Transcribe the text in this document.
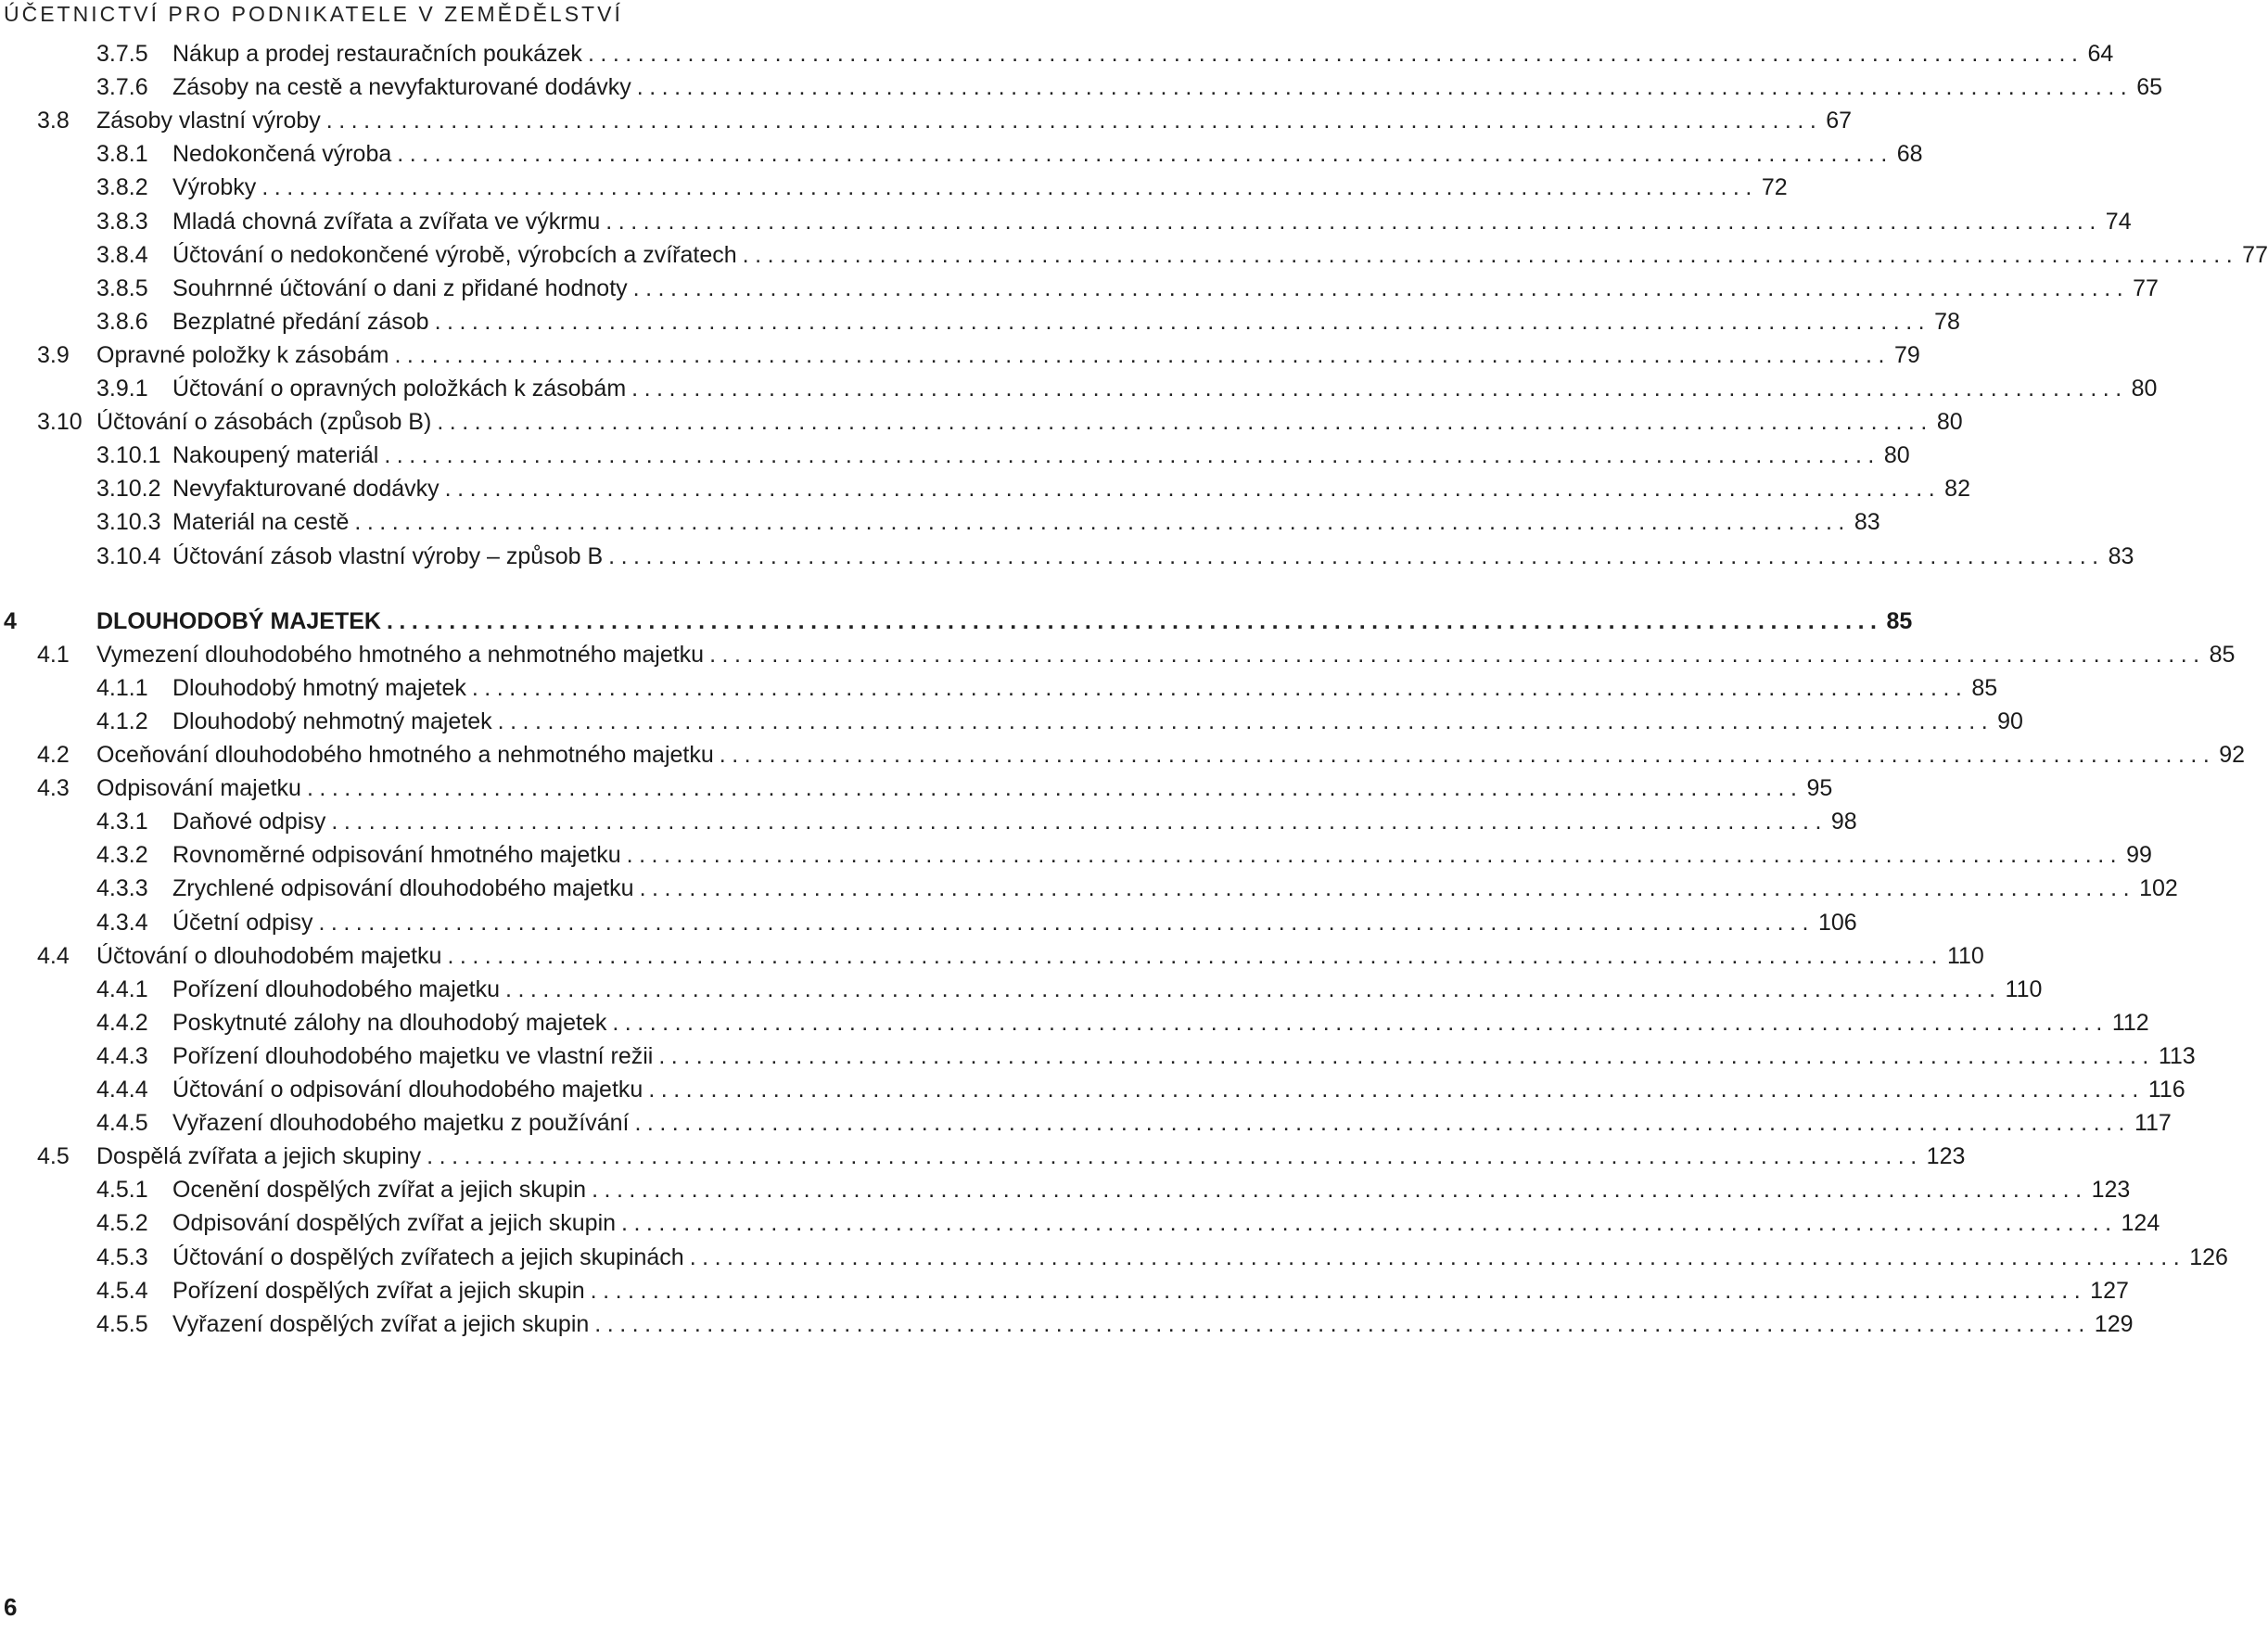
ÚČETNICTVÍ PRO PODNIKATELE V ZEMĚDĚLSTVÍ
3.7.5	Nákup a prodej restauračních poukázek ........................................................................................................................ 64
3.7.6	Zásoby na cestě a nevyfakturované dodávky ........................................................................................................................ 65
3.8	Zásoby vlastní výroby ........................................................................................................................ 67
3.8.1	Nedokončená výroba ........................................................................................................................ 68
3.8.2	Výrobky ........................................................................................................................ 72
3.8.3	Mladá chovná zvířata a zvířata ve výkrmu ........................................................................................................................ 74
3.8.4	Účtování o nedokončené výrobě, výrobcích a zvířatech ........................................................................................................................ 77
3.8.5	Souhrnné účtování o dani z přidané hodnoty ........................................................................................................................ 77
3.8.6	Bezplatné předání zásob ........................................................................................................................ 78
3.9	Opravné položky k zásobám ........................................................................................................................ 79
3.9.1	Účtování o opravných položkách k zásobám ........................................................................................................................ 80
3.10 Účtování o zásobách (způsob B) ........................................................................................................................ 80
3.10.1 Nakoupený materiál ........................................................................................................................ 80
3.10.2 Nevyfakturované dodávky ........................................................................................................................ 82
3.10.3 Materiál na cestě ........................................................................................................................ 83
3.10.4 Účtování zásob vlastní výroby – způsob B ........................................................................................................................ 83
4	DLOUHODOBÝ MAJETEK ........................................................................................................................ 85
4.1	Vymezení dlouhodobého hmotného a nehmotného majetku ........................................................................................................................ 85
4.1.1	Dlouhodobý hmotný majetek ........................................................................................................................ 85
4.1.2	Dlouhodobý nehmotný majetek ........................................................................................................................ 90
4.2	Oceňování dlouhodobého hmotného a nehmotného majetku ........................................................................................................................ 92
4.3	Odpisování majetku ........................................................................................................................ 95
4.3.1	Daňové odpisy ........................................................................................................................ 98
4.3.2	Rovnoměrné odpisování hmotného majetku ........................................................................................................................ 99
4.3.3	Zrychlené odpisování dlouhodobého majetku ........................................................................................................................ 102
4.3.4	Účetní odpisy ........................................................................................................................ 106
4.4	Účtování o dlouhodobém majetku ........................................................................................................................ 110
4.4.1	Pořízení dlouhodobého majetku ........................................................................................................................ 110
4.4.2	Poskytnuté zálohy na dlouhodobý majetek ........................................................................................................................ 112
4.4.3	Pořízení dlouhodobého majetku ve vlastní režii ........................................................................................................................ 113
4.4.4	Účtování o odpisování dlouhodobého majetku ........................................................................................................................ 116
4.4.5	Vyřazení dlouhodobého majetku z používání ........................................................................................................................ 117
4.5	Dospělá zvířata a jejich skupiny ........................................................................................................................ 123
4.5.1	Ocenění dospělých zvířat a jejich skupin ........................................................................................................................ 123
4.5.2	Odpisování dospělých zvířat a jejich skupin ........................................................................................................................ 124
4.5.3	Účtování o dospělých zvířatech a jejich skupinách ........................................................................................................................ 126
4.5.4	Pořízení dospělých zvířat a jejich skupin ........................................................................................................................ 127
4.5.5	Vyřazení dospělých zvířat a jejich skupin ........................................................................................................................ 129
6
